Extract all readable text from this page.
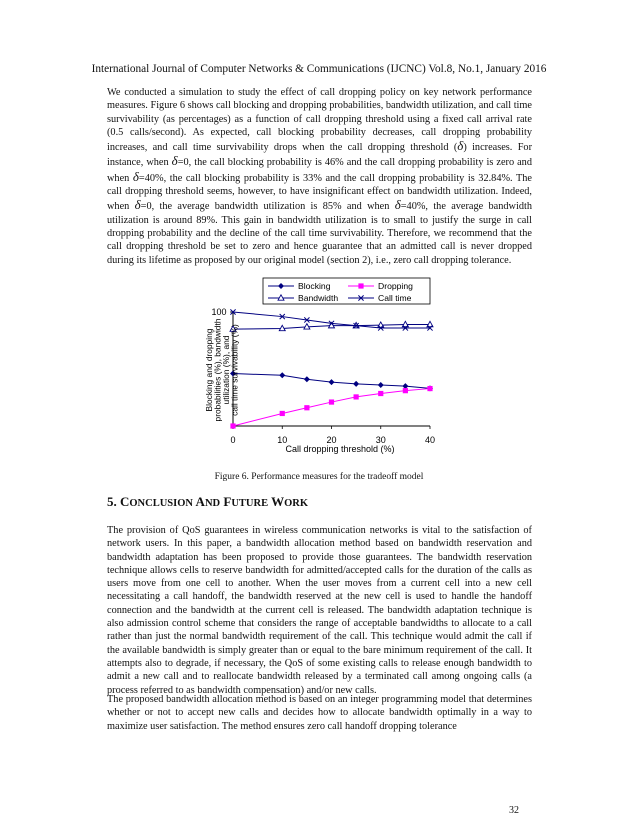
International Journal of Computer Networks & Communications (IJCNC) Vol.8, No.1, January 2016

We conducted a simulation to study the effect of call dropping policy on key network performance measures. Figure 6 shows call blocking and dropping probabilities, bandwidth utilization, and call time survivability (as percentages) as a function of call dropping threshold using a fixed call arrival rate (0.5 calls/second). As expected, call blocking probability decreases, call dropping probability increases, and call time survivability drops when the call dropping threshold (δ) increases. For instance, when δ=0, the call blocking probability is 46% and the call dropping probability is zero and when δ=40%, the call blocking probability is 33% and the call dropping probability is 32.84%. The call dropping threshold seems, however, to have insignificant effect on bandwidth utilization. Indeed, when δ=0, the average bandwidth utilization is 85% and when δ=40%, the average bandwidth utilization is around 89%. This gain in bandwidth utilization is to small to justify the surge in call dropping probability and the decline of the call time survivability. Therefore, we recommend that the call dropping threshold be set to zero and hence guarantee that an admitted call is never dropped during its lifetime as proposed by our original model (section 2), i.e., zero call dropping tolerance.

Blocking	Dropping
Bandwidth	Call time
0	10	20	30	40
100
Call dropping threshold (%)
Blocking and droppingprobabilities (%), bandwidthutilization (%), andcall time survivability (%)
Figure 6. Performance measures for the tradeoff model
5. CONCLUSION AND FUTURE WORK

The provision of QoS guarantees in wireless communication networks is vital to the satisfaction of network users. In this paper, a bandwidth allocation method based on bandwidth reservation and bandwidth adaptation has been proposed to provide those guarantees. The bandwidth reservation technique allows cells to reserve bandwidth for admitted/accepted calls for the duration of the calls as users move from one cell to another. When the user moves from a current cell into a new cell necessitating a call handoff, the bandwidth reserved at the new cell is used to handle the handoff connection and the bandwidth at the current cell is released. The bandwidth adaptation technique is also admission control scheme that considers the range of acceptable bandwidths to allocate to a call rather than just the normal bandwidth requirement of the call. This technique would admit the call if the available bandwidth is simply greater than or equal to the bare minimum requirement of the call. It attempts also to degrade, if necessary, the QoS of some existing calls to release enough bandwidth to admit a new call and to reallocate bandwidth released by a terminated call among ongoing calls (a process referred to as bandwidth compensation) and/or new calls.

The proposed bandwidth allocation method is based on an integer programming model that determines whether or not to accept new calls and decides how to allocate bandwidth optimally in a way to maximize user satisfaction. The method ensures zero call handoff dropping tolerance

32
